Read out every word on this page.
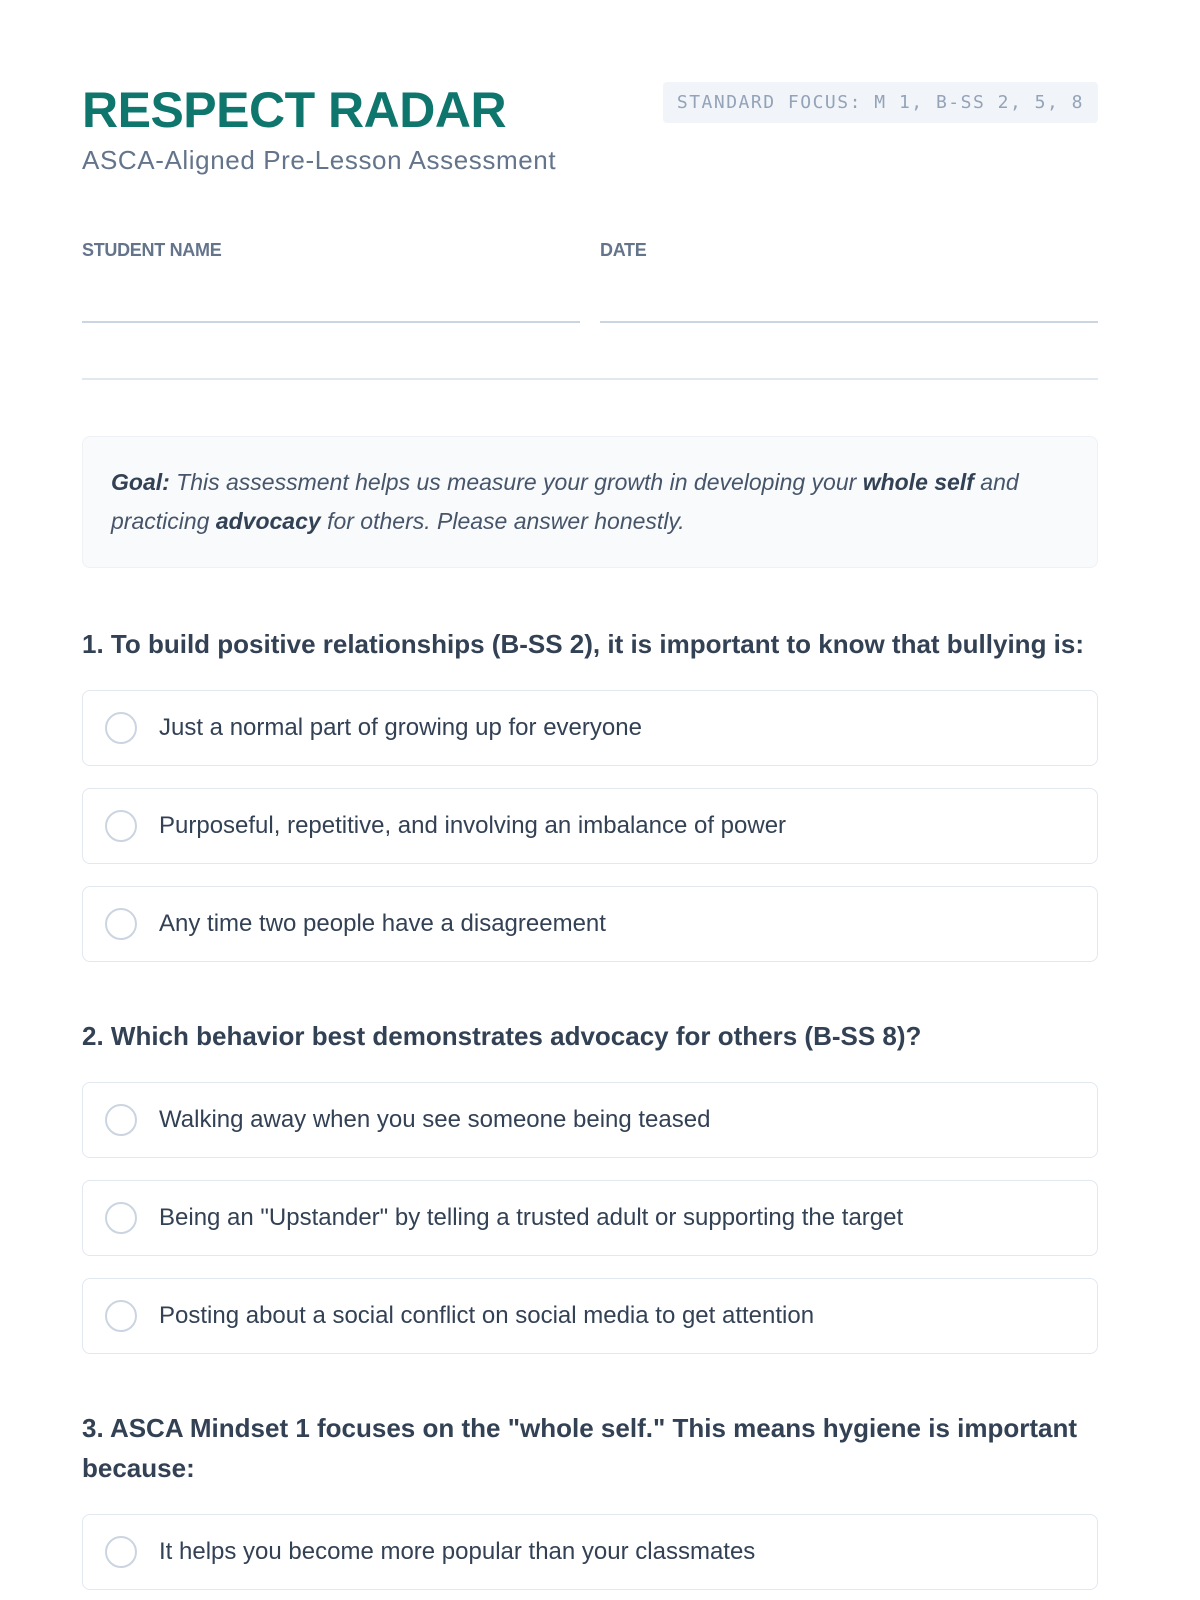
RESPECT RADAR
ASCA-Aligned Pre-Lesson Assessment
STANDARD FOCUS: M 1, B-SS 2, 5, 8
STUDENT NAME	DATE
Goal: This assessment helps us measure your growth in developing your whole self and practicing advocacy for others. Please answer honestly.
1. To build positive relationships (B-SS 2), it is important to know that bullying is:
Just a normal part of growing up for everyone
Purposeful, repetitive, and involving an imbalance of power
Any time two people have a disagreement
2. Which behavior best demonstrates advocacy for others (B-SS 8)?
Walking away when you see someone being teased
Being an "Upstander" by telling a trusted adult or supporting the target
Posting about a social conflict on social media to get attention
3. ASCA Mindset 1 focuses on the "whole self." This means hygiene is important because:
It helps you become more popular than your classmates
